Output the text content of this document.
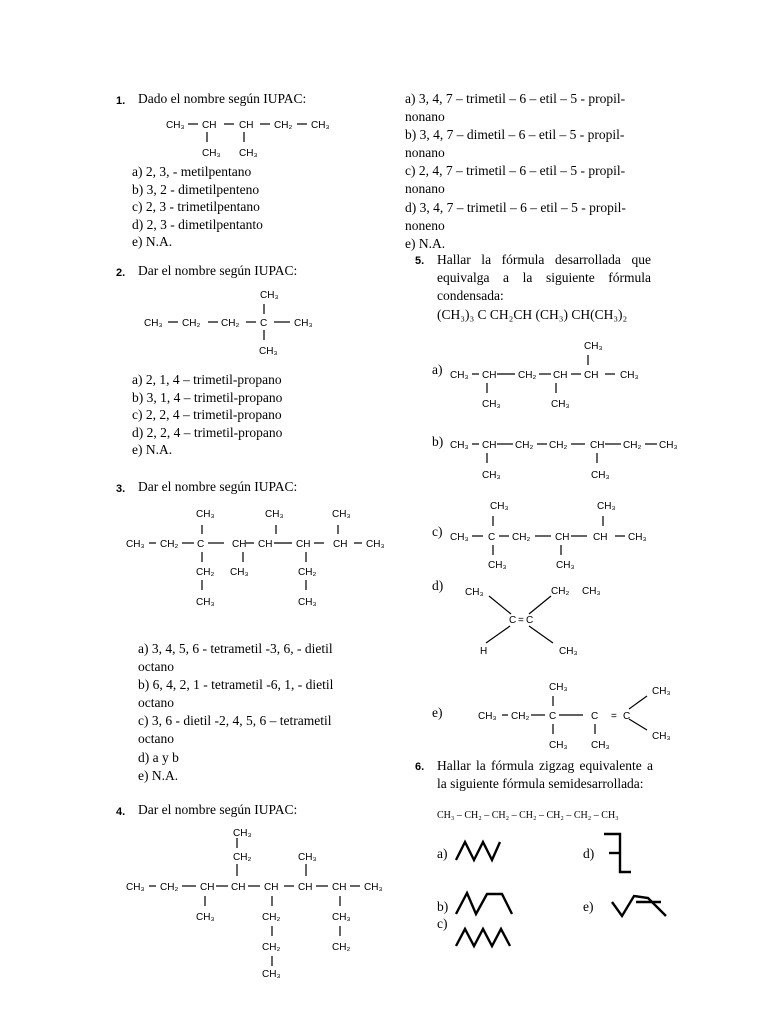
1. Dado el nombre según IUPAC:
CH₃ CH CH CH₂ CH₃
CH₃ CH₃
a) 2, 3, - metilpentano
b) 3, 2 - dimetilpenteno
c) 2, 3 - trimetilpentano
d) 2, 3 - dimetilpentanto
e) N.A.
2. Dar el nombre según IUPAC:
CH₃ CH₂ CH₂ C	CH₃
CH₃
CH₃
a) 2, 1, 4 – trimetil-propano
b) 3, 1, 4 – trimetil-propano
c) 2, 2, 4 – trimetil-propano
d) 2, 2, 4 – trimetil-propano
e) N.A.
3. Dar el nombre según IUPAC:
CH₃ CH₂ C	CH CH CH CH CH₃
CH₃	CH₃	CH₃
CH₂ CH₃	CH₂
CH₃	CH₃
a) 3, 4, 5, 6 - tetrametil -3, 6, - dietil
octano
b) 6, 4, 2, 1 - tetrametil -6, 1, - dietil
octano
c) 3, 6 - dietil -2, 4, 5, 6 – tetrametil
octano
d) a y b
e) N.A.
4. Dar el nombre según IUPAC:
CH₃ CH₂ CH CH CH CH CH CH₃
CH₃
CH₂	CH₃
CH₃	CH₂
CH₂
CH₃
CH₂
CH₃
a) 3, 4, 7 – trimetil – 6 – etil – 5 - propil-
nonano
b) 3, 4, 7 – dimetil – 6 – etil – 5 - propil-
nonano
c) 2, 4, 7 – trimetil – 6 – etil – 5 - propil-
nonano
d) 3, 4, 7 – trimetil – 6 – etil – 5 - propil-
noneno
e) N.A.
5. Hallar la fórmula desarrollada que equivalga a la siguiente fórmula condensada:
(CH₃)₃ C CH₂CH (CH₃) CH(CH₃)₂
a) CH₃ CH CH₂ CH CH CH₃
CH₃
CH₃	CH₃
b) CH₃ CH CH₂ CH₂ CH CH₂ CH₃
CH₃	CH₃
c) CH₃ C CH₂ CH CH CH₃
CH₃	CH₃
CH₃	CH₃
d) CH₃	CH₂ CH₃
C = C
H	CH₃
e)	CH₃ CH₂ C	C = C
CH₃
CH₃ CH₃
CH₃
CH₃
6. Hallar la fórmula zigzag equivalente a la siguiente fórmula semidesarrollada:
CH₃ – CH₂ – CH₂ – CH₂ – CH₂ – CH₂ – CH₃
a)	d)
b)	e)
c)
